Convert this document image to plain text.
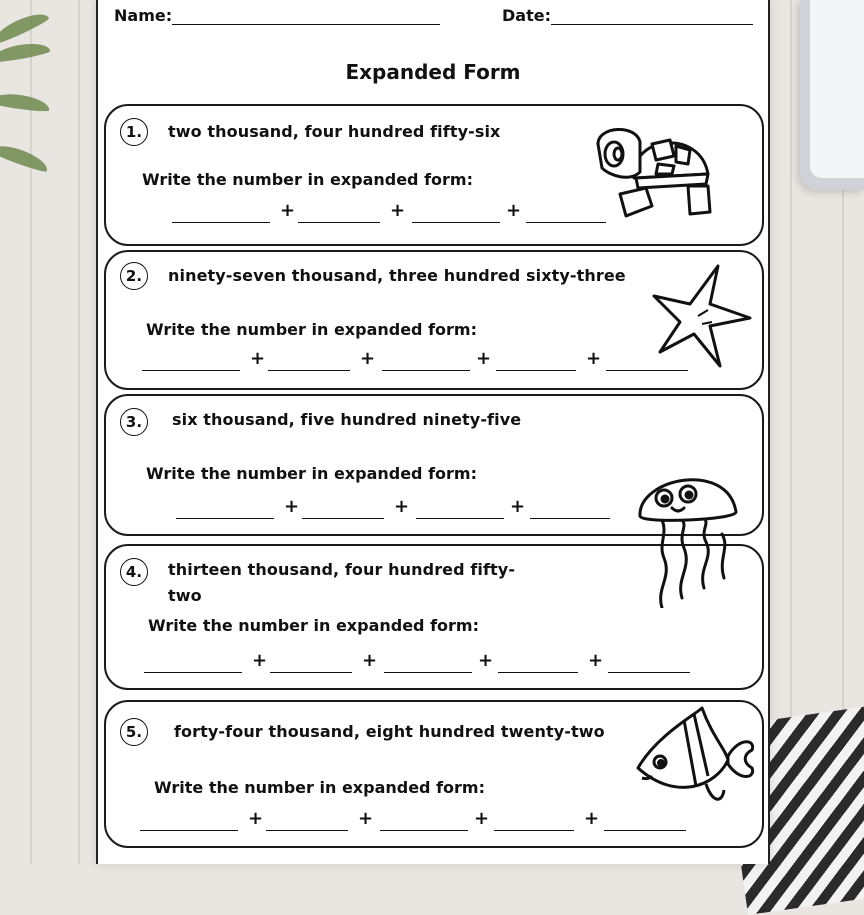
Name:	Date:
Expanded Form
1.	two thousand, four hundred fifty-six
Write the number in expanded form:
+	+	+
2.	ninety-seven thousand, three hundred sixty-three
Write the number in expanded form:
+	+	+	+
3.	six thousand, five hundred ninety-five
Write the number in expanded form:
+	+	+
4.	thirteen thousand, four hundred fifty-
two
Write the number in expanded form:
+	+	+	+
5.	forty-four thousand, eight hundred twenty-two
Write the number in expanded form:
+	+	+	+
